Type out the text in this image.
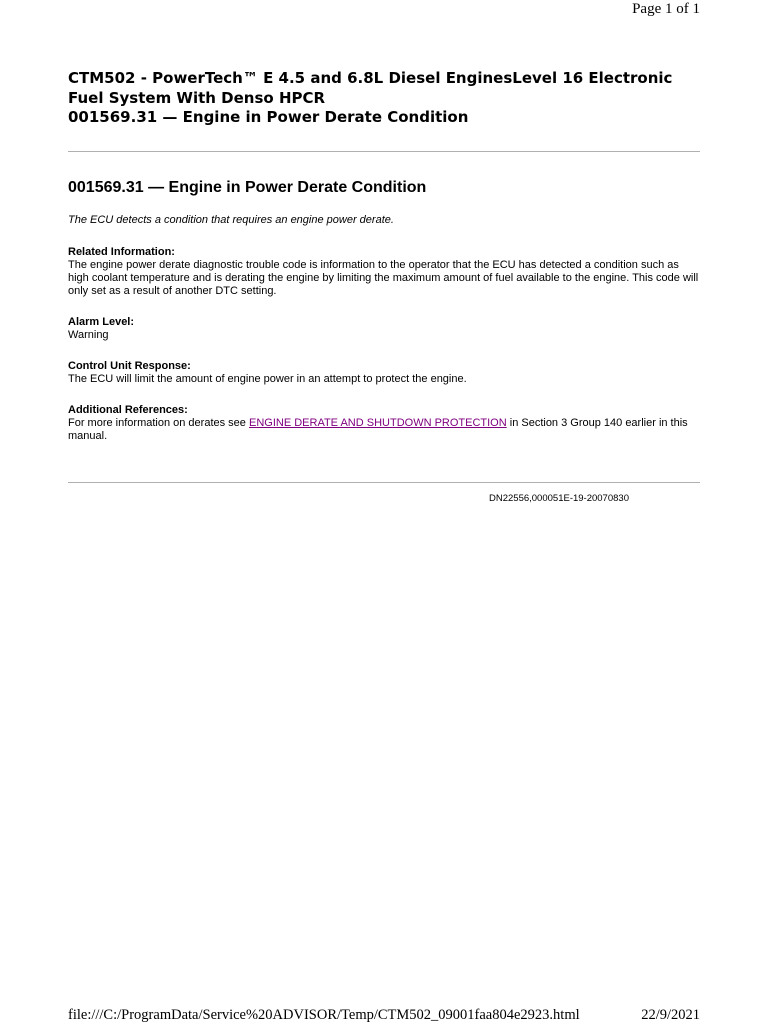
Page 1 of 1
CTM502 - PowerTech™ E 4.5 and 6.8L Diesel EnginesLevel 16 Electronic
Fuel System With Denso HPCR
001569.31 — Engine in Power Derate Condition
001569.31 — Engine in Power Derate Condition
The ECU detects a condition that requires an engine power derate.
Related Information:
The engine power derate diagnostic trouble code is information to the operator that the ECU has detected a condition such as high coolant temperature and is derating the engine by limiting the maximum amount of fuel available to the engine. This code will only set as a result of another DTC setting.
Alarm Level:
Warning
Control Unit Response:
The ECU will limit the amount of engine power in an attempt to protect the engine.
Additional References:
For more information on derates see ENGINE DERATE AND SHUTDOWN PROTECTION in Section 3 Group 140 earlier in this manual.
DN22556,000051E-19-20070830
file:///C:/ProgramData/Service%20ADVISOR/Temp/CTM502_09001faa804e2923.html	22/9/2021
